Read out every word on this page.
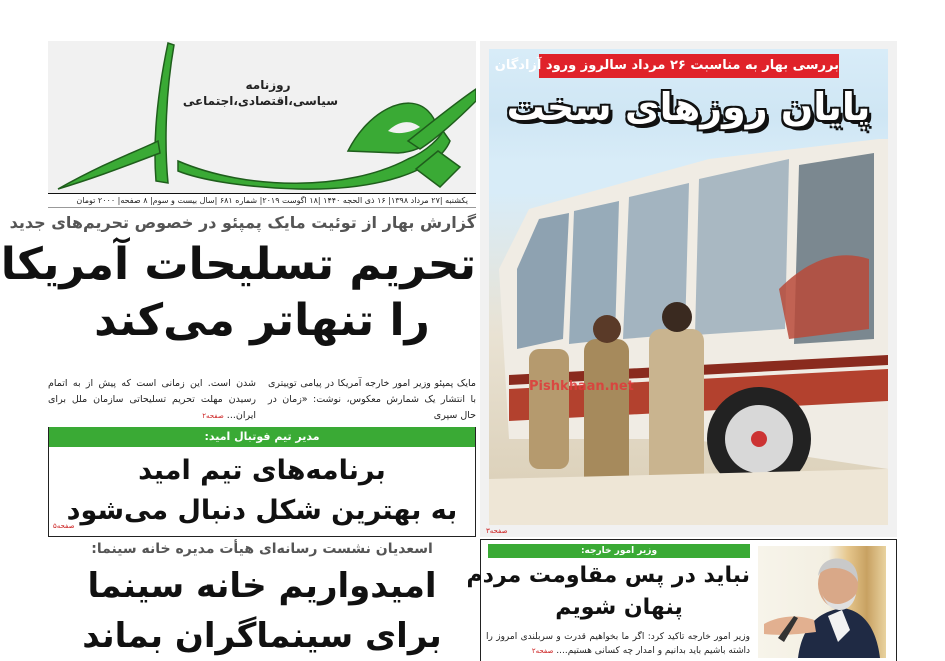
روزنامه
سیاسی،اقتصادی،اجتماعی
یکشنبه |۲۷ مرداد ۱۳۹۸| ۱۶ ذی الحجه ۱۴۴۰ |۱۸ اگوست ۲۰۱۹| شماره ۶۸۱ |سال بیست و سوم| ۸ صفحه| ۲۰۰۰ تومان
گزارش بهار از توئیت مایک پمپئو در خصوص تحریم‌های جدید
تحریم تسلیحات آمریکا
را تنهاتر می‌کند
مایک پمپئو وزیر امور خارجه آمریکا در پیامی توییتری با انتشار یک شمارش معکوس، نوشت: «زمان در حال سپری
شدن است. این زمانی است که پیش از به اتمام رسیدن مهلت تحریم تسلیحاتی سازمان ملل برای ایران... صفحه۲
مدیر تیم فوتبال امید:
برنامه‌های تیم امید
به بهترین شکل دنبال می‌شود
صفحه۵
اسعدیان نشست رسانه‌ای هیأت مدیره خانه سینما:
امیدواریم خانه سینما
برای سینماگران بماند
بررسی بهار به مناسبت ۲۶ مرداد سالروز ورود آزادگان
پایان روزهای سخت
Pishkhaan.net
صفحه۳
وزیر امور خارجه:
نباید در پس مقاومت مردم
پنهان شویم
وزیر امور خارجه تاکید کرد: اگر ما بخواهیم قدرت و سربلندی امروز را داشته باشیم باید بدانیم و امدار چه کسانی هستیم.... صفحه۲
